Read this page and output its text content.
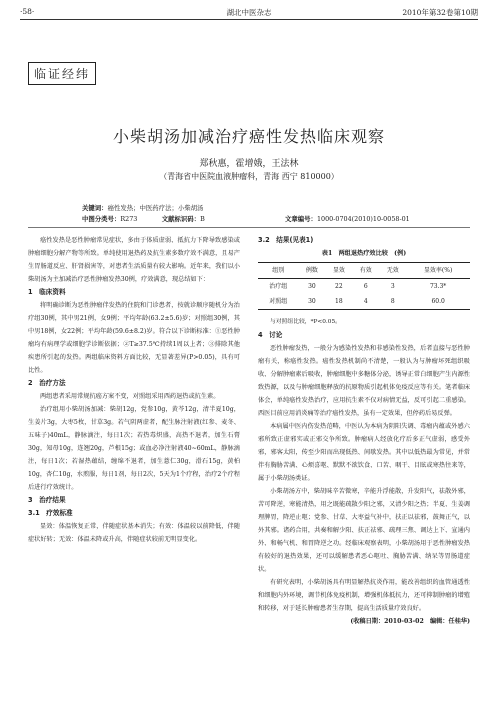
·58·	湖北中医杂志	2010年第32卷第10期
临证经纬
小柴胡汤加减治疗癌性发热临床观察
郑秋惠，霍增娥，王法林
（青海省中医院血液肿瘤科，青海 西宁 810000）
关键词：癌性发热；中医药疗法；小柴胡汤
中图分类号：R273	文献标识码：B	文章编号：1000-0704(2010)10-0058-01

癌性发热是恶性肿瘤常见症状，多由于体质虚弱、抵抗力下降导致感染或肿瘤细胞分解产物等所致。单纯使用退热药及抗生素多数疗效不满意，且易产生胃肠道反应、肝肾损害等，对患者生活质量有较大影响。近年来，我们以小柴胡汤为主加减治疗恶性肿瘤发热30例，疗效满意，现总结如下：

1　临床资料

将明确诊断为恶性肿瘤伴发热的住院和门诊患者，按就诊顺序随机分为治疗组30例，其中男21例，女9例；平均年龄(63.2±5.6)岁；对照组30例，其中男18例，女22例；平均年龄(59.6±8.2)岁。符合以下诊断标准：①恶性肿瘤均有病理学或细胞学诊断依据；②T≥37.5℃持续1周以上者；③排除其他疾患所引起的发热。两组临床资料方面比较，无显著差异(P>0.05)，具有可比性。

2　治疗方法

两组患者采用常规抗癌方案不变，对照组采用西药退热或抗生素。

治疗组用小柴胡汤加减：柴胡12g，党参10g，黄芩12g，清半夏10g，生姜片3g，大枣5枚，甘草3g。若气阴两虚者，配生脉注射液(红参、麦冬、五味子)40mL，静脉滴注，每日1次；若热毒炽盛，高热不退者，加生石膏30g，知母10g，连翘20g，芦根15g；或血必净注射液40~60mL，静脉滴注，每日1次；若湿热蕴结，缠绵不退者，加生薏仁30g，滑石15g，黄柏10g，杏仁10g，水煎服，每日1剂，每日2次，5天为1个疗程，治疗2个疗程后进行疗效统计。

3　治疗结果
3.1　疗效标准

显效：体温恢复正常，伴随症状基本消失；有效：体温较以前降低，伴随症状好转；无效：体温未降或升高，伴随症状较前无明显变化。

3.2　结果(见表1)
表1　两组退热疗效比较　(例)
组别	例数	显效	有效	无效	显效率(%)
治疗组	30	22	6	3	73.3*
对照组	30	18	4	8	60.0

与对照组比较，*P<0.05。

4　讨论

恶性肿瘤发热，一般分为感染性发热和非感染性发热，后者直接与恶性肿瘤有关，称癌性发热。癌性发热机制尚不清楚，一般认为与肿瘤坏死组织吸收、分解肿瘤素后吸收，肿瘤细胞中多糖体分泌，诱导正常白细胞产生内源性致热源，以及与肿瘤细胞释放的抗原物质引起机体免疫反应等有关。笔者临床体会，单纯癌性发热治疗，应用抗生素不仅对病情无益，反可引起二重感染。西医目前应用消炎痛等治疗癌性发热，虽有一定效果，但停药后易反弹。

本病属中医内伤发热范畴，中医认为本病为阴阳失调、毒瘤内蕴或外感六邪所致正虚邪实或正邪交争所致。肿瘤病人经放化疗后多正气虚弱，感受外邪，邪客太阳，传至少阳而出现低热、间歇发热。其中以低热最为常见，并常伴有胸胁苦满、心烦喜呕、默默不欲饮食、口苦、咽干、目眩或寒热往来等，属于小柴胡汤类证。

小柴胡汤方中，柴胡味辛苦微寒，辛能升浮能散，升发阳气，祛散外邪，苦可降逆，寒能清热，用之既能疏散少阳之邪，又清少阳之热；半夏、生姜调理脾胃，降逆止呕；党参、甘草、大枣益气补中，扶正以祛邪，鼓舞正气，以外其邪。诸药合用，共奏和解少阳、扶正祛邪、疏理三焦、调达上下、宣通内外、和畅气机、和胃降逆之功。经临床观察表明，小柴胡汤用于恶性肿瘤发热有较好的退热效果，还可以缓解患者恶心呕吐、胸胁苦满、纳呆等胃肠道症状。

有研究表明，小柴胡汤具有明显解热抗炎作用，能改善组织的血管通透性和细胞内外环境，调节机体免疫机制，增强机体抵抗力，还可抑制肿瘤的增殖和转移，对于延长肿瘤患者生存期，提高生活质量疗效良好。

(收稿日期：2010-03-02　编辑：任桂华)
